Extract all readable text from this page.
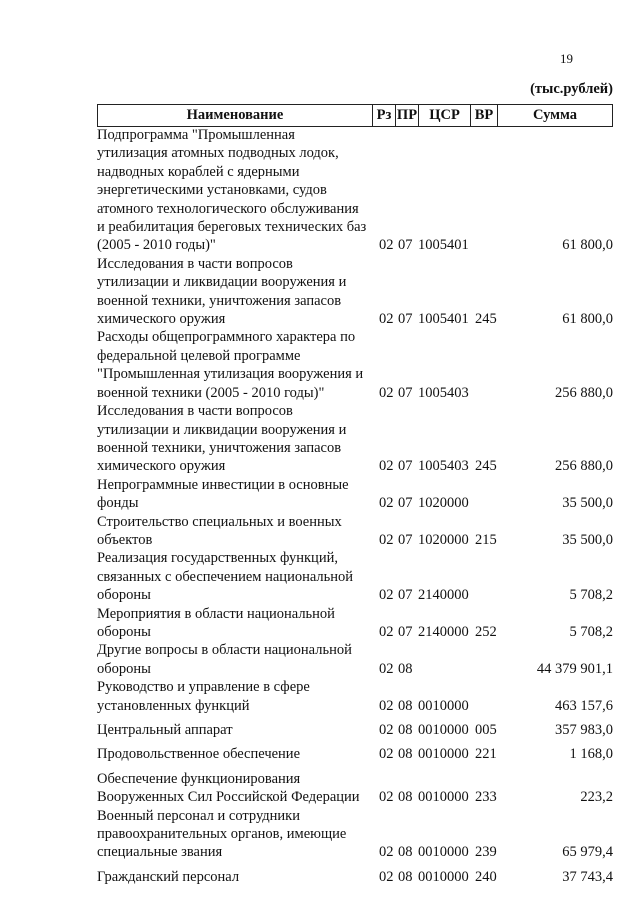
19
(тыс.рублей)
Наименование	Рз ПР ЦСР	ВР	Сумма
Подпрограмма "Промышленная
утилизация атомных подводных лодок,
надводных кораблей с ядерными
энергетическими установками, судов
атомного технологического обслуживания
и реабилитация береговых технических баз
(2005 - 2010 годы)"	02 07 1005401	61 800,0
Исследования в части вопросов
утилизации и ликвидации вооружения и
военной техники, уничтожения запасов
химического оружия	02 07 1005401 245	61 800,0
Расходы общепрограммного характера по
федеральной целевой программе
"Промышленная утилизация вооружения и
военной техники (2005 - 2010 годы)"	02 07 1005403	256 880,0
Исследования в части вопросов
утилизации и ликвидации вооружения и
военной техники, уничтожения запасов
химического оружия	02 07 1005403 245	256 880,0
Непрограммные инвестиции в основные
фонды	02 07 1020000	35 500,0
Строительство специальных и военных
объектов	02 07 1020000 215	35 500,0
Реализация государственных функций,
связанных с обеспечением национальной
обороны	02 07 2140000	5 708,2
Мероприятия в области национальной
обороны	02 07 2140000 252	5 708,2
Другие вопросы в области национальной
обороны	02 08	44 379 901,1
Руководство и управление в сфере
установленных функций	02 08 0010000	463 157,6
Центральный аппарат	02 08 0010000 005	357 983,0
Продовольственное обеспечение	02 08 0010000 221	1 168,0
Обеспечение функционирования
Вооруженных Сил Российской Федерации	02 08 0010000 233	223,2
Военный персонал и сотрудники
правоохранительных органов, имеющие
специальные звания	02 08 0010000 239	65 979,4
Гражданский персонал	02 08 0010000 240	37 743,4
